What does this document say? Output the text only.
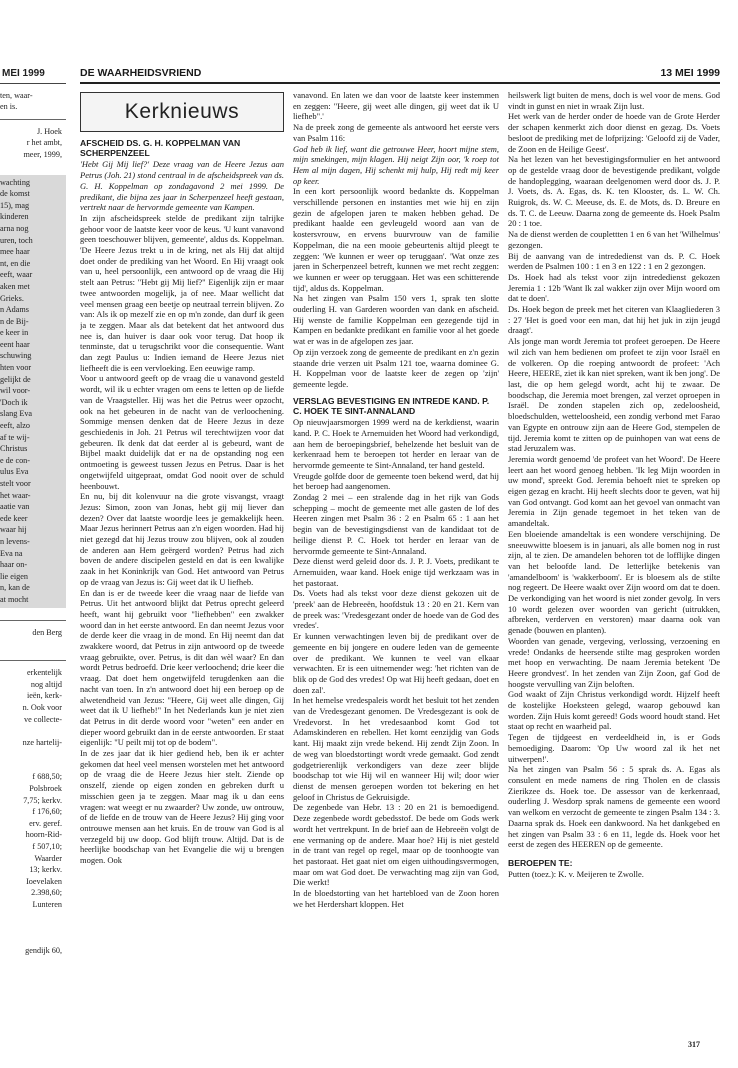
MEI 1999
ten, waar-
en is.
J. Hoek
r het ambt,
meer, 1999,
wachting
de komst
15), mag
kinderen
arna nog
uren, toch
mee haar
nt, en die
eeft, waar
aken met
Grieks.
n Adams
n de Bij-
e keer in
eent haar
schuwing
hten voor
gelijkt de
wil voor-
'Doch ik
slang Eva
eeft, alzo
af te wij-
Christus
e de con-
ulus Eva
stelt voor
het waar-
aatie van
ede keer
waar hij
n levens-
Eva na
haar on-
lie eigen
n, kan de
at mocht
den Berg
erkentelijk
nog altijd
ieën, kerk-
n. Ook voor
ve collecte-

nze hartelij-

f 688,50;
Polsbroek
7,75; kerkv.
f 176,60;
erv. geref.
hoorn-Rid-
f 507,10;
Waarder
13; kerkv.
Ioevelaken
2.398,60;
Lunteren

gendijk 60,
DE WAARHEIDSVRIEND	13 MEI 1999
Kerknieuws
AFSCHEID DS. G. H. KOPPELMAN VAN SCHERPENZEEL

'Hebt Gij Mij lief?' Deze vraag van de Heere Jezus aan Petrus (Joh. 21) stond centraal in de afscheidspreek van ds. G. H. Koppelman op zondagavond 2 mei 1999. De predikant, die bijna zes jaar in Scherpenzeel heeft gestaan, vertrekt naar de hervormde gemeente van Kampen.

In zijn afscheidspreek stelde de predikant zijn talrijke gehoor voor de laatste keer voor de keus. 'U kunt vanavond geen toeschouwer blijven, gemeente', aldus ds. Koppelman. 'De Heere Jezus trekt u in de kring, net als Hij dat altijd doet onder de prediking van het Woord. En Hij vraagt ook van u, heel persoonlijk, een antwoord op de vraag die Hij stelt aan Petrus: "Hebt gij Mij lief?" Eigenlijk zijn er maar twee antwoorden mogelijk, ja of nee. Maar wellicht dat veel mensen graag een beetje op neutraal terrein blijven. Zo van: Als ik op mezelf zie en op m'n zonde, dan durf ik geen ja te zeggen. Maar als dat betekent dat het antwoord dus nee is, dan huiver is daar ook voor terug. Dat hoop ik tenminste, dat u terugschrikt voor die consequentie. Want dan zegt Paulus u: Indien iemand de Heere Jezus niet liefheeft die is een vervloeking. Een eeuwige ramp.

Voor u antwoord geeft op de vraag die u vanavond gesteld wordt, wil ik u echter vragen om eens te letten op de liefde van de Vraagsteller. Hij was het die Petrus weer opzocht, ook na het gebeuren in de nacht van de verloochening. Sommige mensen denken dat de Heere Jezus in deze geschiedenis in Joh. 21 Petrus wil terechtwijzen voor dat gebeuren. Ik denk dat dat eerder al is gebeurd, want de Bijbel maakt duidelijk dat er na de opstanding nog een ontmoeting is geweest tussen Jezus en Petrus. Daar is het ongetwijfeld uitgepraat, omdat God nooit over de schuld heenbouwt.

En nu, bij dit kolenvuur na die grote visvangst, vraagt Jezus: Simon, zoon van Jonas, hebt gij mij liever dan dezen? Over dat laatste woordje lees je gemakkelijk heen. Maar Jezus herinnert Petrus aan z'n eigen woorden. Had hij niet gezegd dat hij Jezus trouw zou blijven, ook al zouden de anderen aan Hem geërgerd worden? Petrus had zich boven de andere discipelen gesteld en dat is een kwalijke zaak in het Koninkrijk van God. Het antwoord van Petrus op de vraag van Jezus is: Gij weet dat ik U liefheb.

En dan is er de tweede keer die vraag naar de liefde van Petrus. Uit het antwoord blijkt dat Petrus oprecht geleerd heeft, want hij gebruikt voor "liefhebben" een zwakker woord dan in het eerste antwoord. En dan neemt Jezus voor de derde keer die vraag in de mond. En Hij neemt dan dat zwakkere woord, dat Petrus in zijn antwoord op de tweede vraag gebruikte, over. Petrus, is dit dan wèl waar? En dan wordt Petrus bedroefd. Drie keer verloochend; drie keer die vraag. Dat doet hem ongetwijfeld terugdenken aan die nacht van toen. In z'n antwoord doet hij een beroep op de alwetendheid van Jezus: "Heere, Gij weet alle dingen, Gij weet dat ik U liefheb!" In het Nederlands kun je niet zien dat Petrus in dit derde woord voor "weten" een ander en dieper woord gebruikt dan in de eerste antwoorden. Er staat eigenlijk: "U peilt mij tot op de bodem".

In de zes jaar dat ik hier gediend heb, ben ik er achter gekomen dat heel veel mensen worstelen met het antwoord op de vraag die de Heere Jezus hier stelt. Ziende op onszelf, ziende op eigen zonden en gebreken durft u misschien geen ja te zeggen. Maar mag ik u dan eens vragen: wat weegt er nu zwaarder? Uw zonde, uw ontrouw, of de liefde en de trouw van de Heere Jezus? Hij ging voor ontrouwe mensen aan het kruis. En de trouw van God is al verzegeld bij uw doop. God blijft trouw. Altijd. Dat is de heerlijke boodschap van het Evangelie die wij u brengen mogen. Ook

vanavond. En laten we dan voor de laatste keer instemmen en zeggen: "Heere, gij weet alle dingen, gij weet dat ik U liefheb".'

Na de preek zong de gemeente als antwoord het eerste vers van Psalm 116:

God heb ik lief, want die getrouwe Heer, hoort mijne stem, mijn smekingen, mijn klagen. Hij neigt Zijn oor, 'k roep tot Hem al mijn dagen, Hij schenkt mij hulp, Hij redt mij keer op keer.

In een kort persoonlijk woord bedankte ds. Koppelman verschillende personen en instanties met wie hij en zijn gezin de afgelopen jaren te maken hebben gehad. De predikant haalde een gevleugeld woord aan van de kostersvrouw, en ervens buurvrouw van de familie Koppelman, die na een mooie gebeurtenis altijd pleegt te zeggen: 'We kunnen er weer op teruggaan'. 'Wat onze zes jaren in Scherpenzeel betreft, kunnen we met recht zeggen: we kunnen er weer op teruggaan. Het was een schitterende tijd', aldus ds. Koppelman.

Na het zingen van Psalm 150 vers 1, sprak ten slotte ouderling H. van Garderen woorden van dank en afscheid. Hij wenste de familie Koppelman een gezegende tijd in Kampen en bedankte predikant en familie voor al het goede wat er was in de afgelopen zes jaar.

Op zijn verzoek zong de gemeente de predikant en z'n gezin staande drie verzen uit Psalm 121 toe, waarna dominee G. H. Koppelman voor de laatste keer de zegen op 'zijn' gemeente legde.

VERSLAG BEVESTIGING EN INTREDE KAND. P. C. HOEK TE SINT-ANNALAND

Op nieuwjaarsmorgen 1999 werd na de kerkdienst, waarin kand. P. C. Hoek te Arnemuiden het Woord had verkondigd, aan hem de beroepingsbrief, behelzende het besluit van de kerkenraad hem te beroepen tot herder en leraar van de hervormde gemeente te Sint-Annaland, ter hand gesteld.

Vreugde golfde door de gemeente toen bekend werd, dat hij het beroep had aangenomen.

Zondag 2 mei – een stralende dag in het rijk van Gods schepping – mocht de gemeente met alle gasten de lof des Heeren zingen met Psalm 36 : 2 en Psalm 65 : 1 aan het begin van de bevestigingsdienst van de kandidaat tot de heilige dienst P. C. Hoek tot herder en leraar van de hervormde gemeente te Sint-Annaland.

Deze dienst werd geleid door ds. J. P. J. Voets, predikant te Arnemuiden, waar kand. Hoek enige tijd werkzaam was in het pastoraat.

Ds. Voets had als tekst voor deze dienst gekozen uit de 'preek' aan de Hebreeën, hoofdstuk 13 : 20 en 21. Kern van de preek was: 'Vredesgezant onder de hoede van de God des vredes'.

Er kunnen verwachtingen leven bij de predikant over de gemeente en bij jongere en oudere leden van de gemeente over de predikant. We kunnen te veel van elkaar verwachten. Er is een uitnemender weg: 'het richten van de blik op de God des vredes! Op wat Hij heeft gedaan, doet en doen zal'.

In het hemelse vredespaleis wordt het besluit tot het zenden van de Vredesgezant genomen. De Vredesgezant is ook de Vredevorst. In het vredesaanbod komt God tot Adamskinderen en rebellen. Het komt eenzijdig van Gods kant. Hij maakt zijn vrede bekend. Hij zendt Zijn Zoon. In de weg van bloedstortingt wordt vrede gemaakt. God zendt godgetrierenlijk verkondigers van deze zeer blijde boodschap tot wie Hij wil en wanneer Hij wil; door wier dienst de mensen geroepen worden tot bekering en het geloof in Christus de Gekruisigde.

De zegenbede van Hebr. 13 : 20 en 21 is bemoedigend. Deze zegenbede wordt gebedsstof. De bede om Gods werk wordt het vertrekpunt. In de brief aan de Hebreeën volgt de ene vermaning op de andere. Maar hoe? Hij is niet gesteld in de trant van regel op regel, maar op de toonhoogte van het pastoraat. Het gaat niet om eigen uithoudingsvermogen, maar om wat God doet. De verwachting mag zijn van God, Die werkt!

In de bloedstorting van het hartebloed van de Zoon horen we het Herdershart kloppen. Het

heilswerk ligt buiten de mens, doch is wel voor de mens. God vindt in gunst en niet in wraak Zijn lust.

Het werk van de herder onder de hoede van de Grote Herder der schapen kenmerkt zich door dienst en gezag. Ds. Voets besloot de prediking met de lofprijzing: 'Geloofd zij de Vader, de Zoon en de Heilige Geest'.

Na het lezen van het bevestigingsformulier en het antwoord op de gestelde vraag door de bevestigende predikant, volgde de handoplegging, waaraan deelgenomen werd door ds. J. P. J. Voets, ds. A. Egas, ds. K. ten Klooster, ds. L. W. Ch. Ruigrok, ds. W. C. Meeuse, ds. E. de Mots, ds. D. Breure en ds. T. C. de Leeuw. Daarna zong de gemeente ds. Hoek Psalm 20 : 1 toe.

Na de dienst werden de couplettten 1 en 6 van het 'Wilhelmus' gezongen.

Bij de aanvang van de intrededienst van ds. P. C. Hoek werden de Psalmen 100 : 1 en 3 en 122 : 1 en 2 gezongen.

Ds. Hoek had als tekst voor zijn intrededienst gekozen Jeremia 1 : 12b 'Want Ik zal wakker zijn over Mijn woord om dat te doen'.

Ds. Hoek begon de preek met het citeren van Klaagliederen 3 : 27 'Het is goed voor een man, dat hij het juk in zijn jeugd draagt'.

Als jonge man wordt Jeremia tot profeet geroepen. De Heere wil zich van hem bedienen om profeet te zijn voor Israël en de volkeren. Op die roeping antwoordt de profeet: 'Ach Heere, HEERE, ziet ik kan niet spreken, want ik ben jong'. De last, die op hem gelegd wordt, acht hij te zwaar. De boodschap, die Jeremia moet brengen, zal verzet oproepen in Israël. De zonden stapelen zich op, zedeloosheid, bloedschulden, wetteloosheid, een zondig verbond met Farao van Egypte en ontrouw zijn aan de Heere God, stempelen de tijd. Jeremia komt te zitten op de puinhopen van wat eens de stad Jeruzalem was.

Jeremia wordt genoemd 'de profeet van het Woord'. De Heere leert aan het woord genoeg hebben. 'Ik leg Mijn woorden in uw mond', spreekt God. Jeremia behoeft niet te spreken op eigen gezag en kracht. Hij heeft slechts door te geven, wat hij van God ontvangt. God komt aan het gevoel van onmacht van Jeremia in Zijn genade tegemoet in het teken van de amandeltak.

Een bloeiende amandeltak is een wondere verschijning. De sneeuwwitte bloesem is in januari, als alle bomen nog in rust zijn, al te zien. De amandelen behoren tot de lofflijke dingen van het beloofde land. De letterlijke betekenis van 'amandelboom' is 'wakkerboom'. Er is bloesem als de stilte nog regeert. De Heere waakt over Zijn woord om dat te doen. De verkondiging van het woord is niet zonder gevolg. In vers 10 wordt gelezen over woorden van gericht (uitrukken, afbreken, verderven en verstoren) maar daarna ook van genade (bouwen en planten).

Woorden van genade, vergeving, verlossing, verzoening en vrede! Ondanks de heersende stilte mag gesproken worden met hoop en verwachting. De naam Jeremia betekent 'De Heere grondvest'. In het zenden van Zijn Zoon, gaf God de hoogste vervulling van Zijn beloften.

God waakt of Zijn Christus verkondigd wordt. Hijzelf heeft de kostelijke Hoeksteen gelegd, waarop gebouwd kan worden. Zijn Huis komt gereed! Gods woord houdt stand. Het staat op recht en waarheid pal.

Tegen de tijdgeest en verdeeldheid in, is er Gods bemoediging. Daarom: 'Op Uw woord zal ik het net uitwerpen!'.

Na het zingen van Psalm 56 : 5 sprak ds. A. Egas als consulent en mede namens de ring Tholen en de classis Zierikzee ds. Hoek toe. De assessor van de kerkenraad, ouderling J. Wesdorp sprak namens de gemeente een woord van welkom en verzocht de gemeente te zingen Psalm 134 : 3. Daarna sprak ds. Hoek een dankwoord. Na het dankgebed en het zingen van Psalm 33 : 6 en 11, legde ds. Hoek voor het eerst de zegen des HEEREN op de gemeente.

BEROEPEN TE:

Putten (toez.): K. v. Meijeren te Zwolle.

317
